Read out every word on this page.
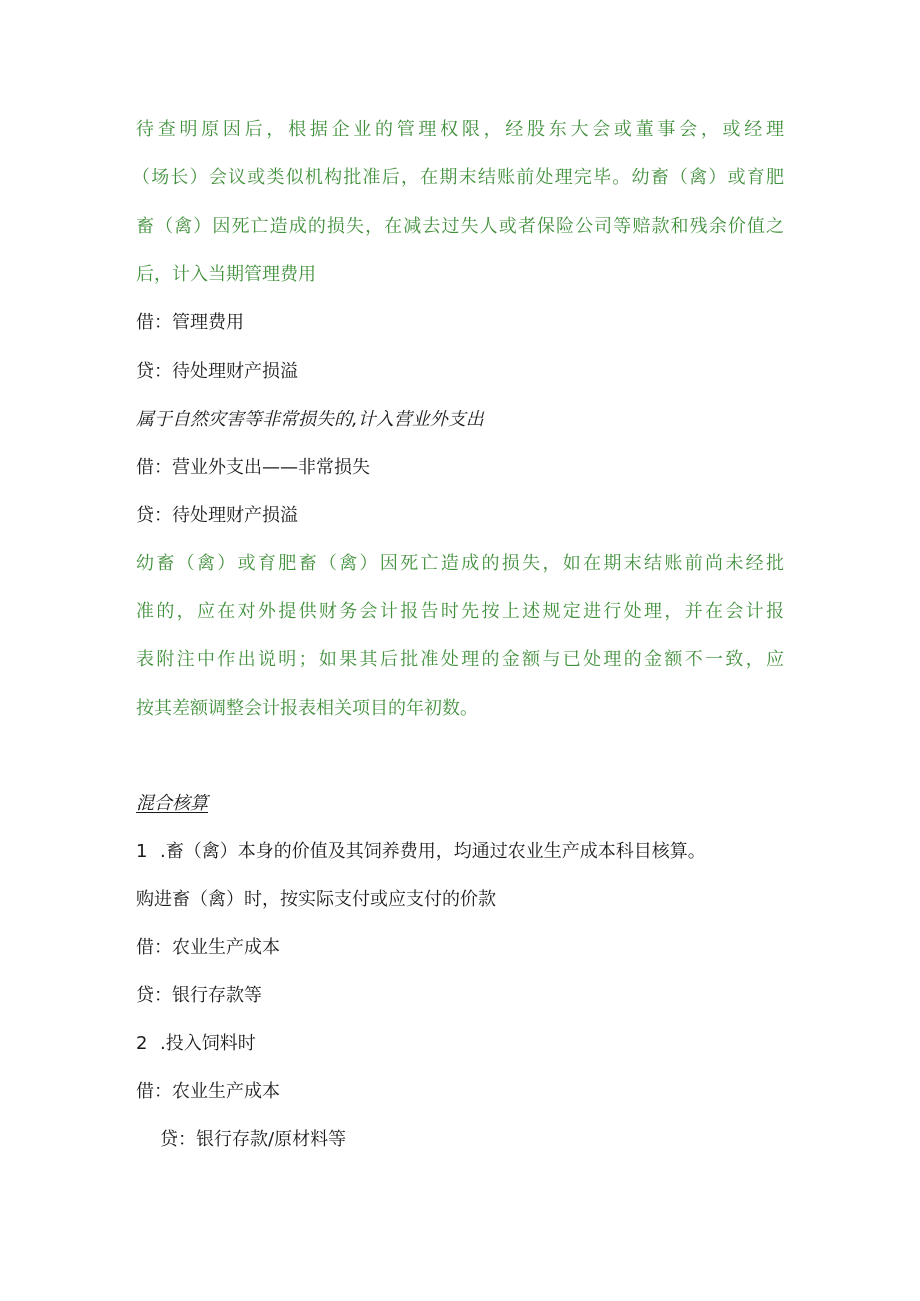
待查明原因后，根据企业的管理权限，经股东大会或董事会，或经理
（场长）会议或类似机构批准后，在期末结账前处理完毕。幼畜（禽）或育肥
畜（禽）因死亡造成的损失，在减去过失人或者保险公司等赔款和残余价值之
后，计入当期管理费用
借：管理费用
贷：待处理财产损溢
属于自然灾害等非常损失的,计入营业外支出
借：营业外支出——非常损失
贷：待处理财产损溢
幼畜（禽）或育肥畜（禽）因死亡造成的损失，如在期末结账前尚未经批
准的，应在对外提供财务会计报告时先按上述规定进行处理，并在会计报
表附注中作出说明；如果其后批准处理的金额与已处理的金额不一致，应
按其差额调整会计报表相关项目的年初数。
混合核算
1 .畜（禽）本身的价值及其饲养费用，均通过农业生产成本科目核算。
购进畜（禽）时，按实际支付或应支付的价款
借：农业生产成本
贷：银行存款等
2 .投入饲料时
借：农业生产成本
贷：银行存款/原材料等
